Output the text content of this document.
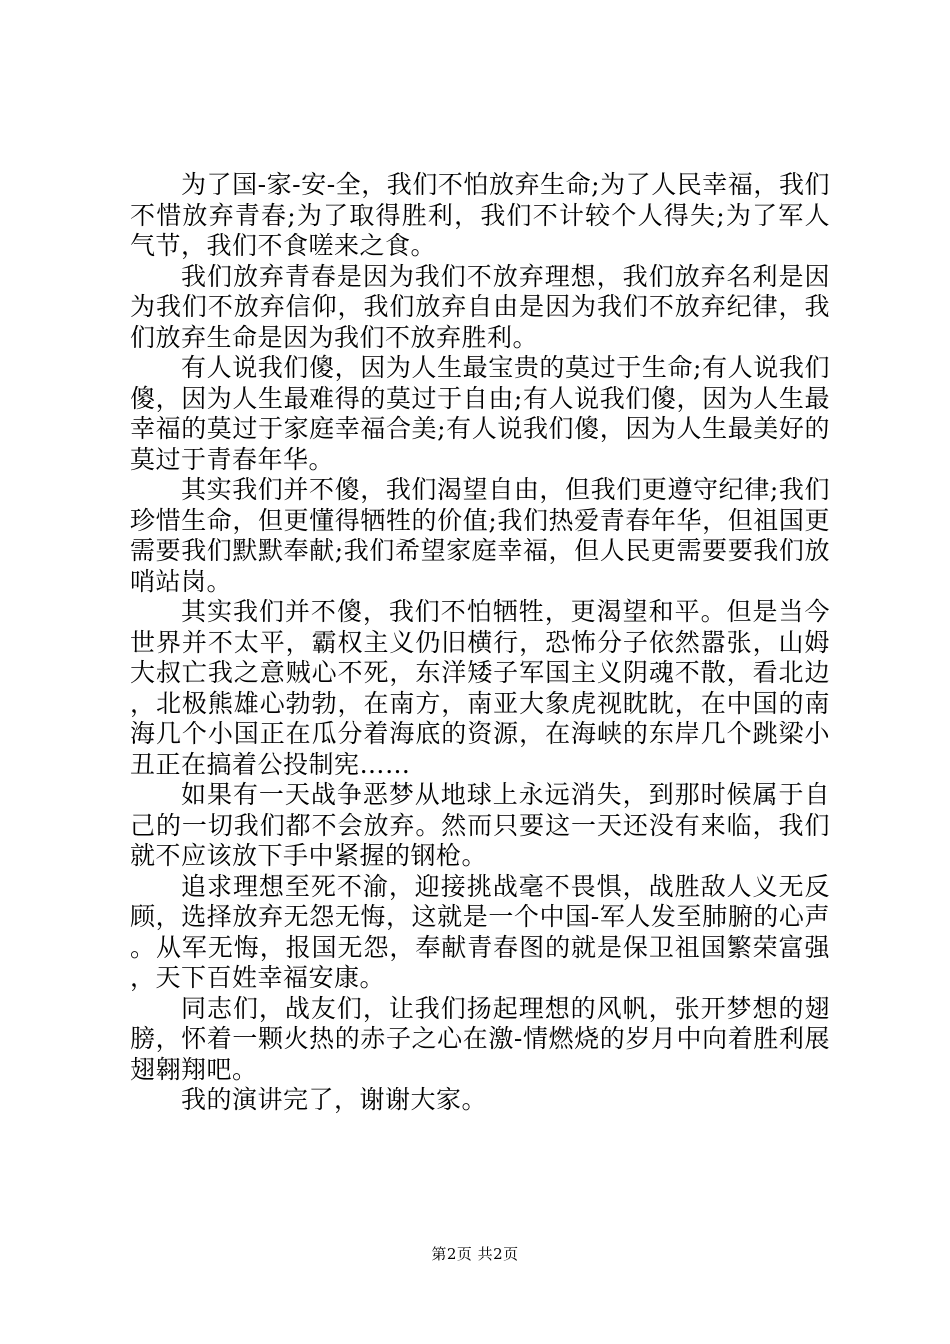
为了国-家-安-全，我们不怕放弃生命;为了人民幸福，我们不惜放弃青春;为了取得胜利，我们不计较个人得失;为了军人气节，我们不食嗟来之食。

我们放弃青春是因为我们不放弃理想，我们放弃名利是因为我们不放弃信仰，我们放弃自由是因为我们不放弃纪律，我们放弃生命是因为我们不放弃胜利。

有人说我们傻，因为人生最宝贵的莫过于生命;有人说我们傻，因为人生最难得的莫过于自由;有人说我们傻，因为人生最幸福的莫过于家庭幸福合美;有人说我们傻，因为人生最美好的莫过于青春年华。

其实我们并不傻，我们渴望自由，但我们更遵守纪律;我们珍惜生命，但更懂得牺牲的价值;我们热爱青春年华，但祖国更需要我们默默奉献;我们希望家庭幸福，但人民更需要要我们放哨站岗。

其实我们并不傻，我们不怕牺牲，更渴望和平。但是当今世界并不太平，霸权主义仍旧横行，恐怖分子依然嚣张，山姆大叔亡我之意贼心不死，东洋矮子军国主义阴魂不散，看北边，北极熊雄心勃勃，在南方，南亚大象虎视眈眈，在中国的南海几个小国正在瓜分着海底的资源，在海峡的东岸几个跳梁小丑正在搞着公投制宪……

如果有一天战争恶梦从地球上永远消失，到那时候属于自己的一切我们都不会放弃。然而只要这一天还没有来临，我们就不应该放下手中紧握的钢枪。

追求理想至死不渝，迎接挑战毫不畏惧，战胜敌人义无反顾，选择放弃无怨无悔，这就是一个中国-军人发至肺腑的心声。从军无悔，报国无怨，奉献青春图的就是保卫祖国繁荣富强，天下百姓幸福安康。

同志们，战友们，让我们扬起理想的风帆，张开梦想的翅膀，怀着一颗火热的赤子之心在激-情燃烧的岁月中向着胜利展翅翱翔吧。

我的演讲完了，谢谢大家。

第2页 共2页
